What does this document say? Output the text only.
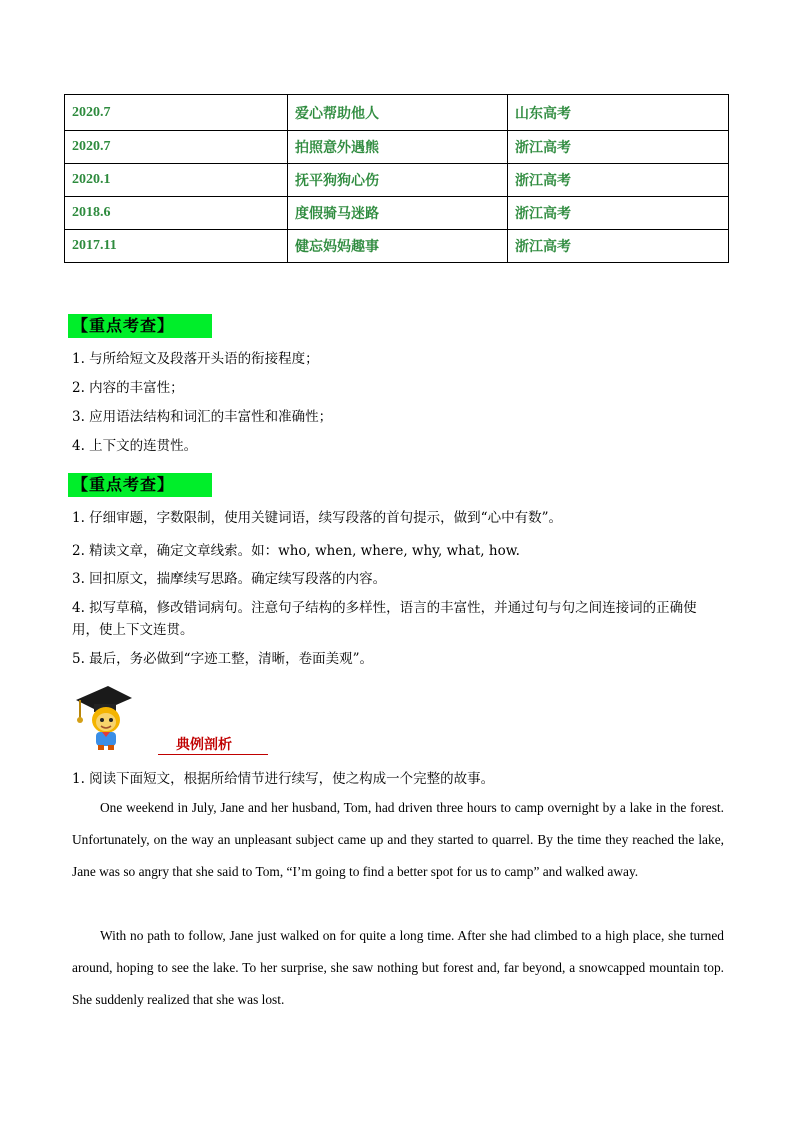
2020.7	爱心帮助他人	山东高考
2020.7	拍照意外遇熊	浙江高考
2020.1	抚平狗狗心伤	浙江高考
2018.6	度假骑马迷路	浙江高考
2017.11	健忘妈妈趣事	浙江高考
【重点考查】
1. 与所给短文及段落开头语的衔接程度；
2. 内容的丰富性；
3. 应用语法结构和词汇的丰富性和准确性；
4. 上下文的连贯性。
【重点考查】
1. 仔细审题，字数限制，使用关键词语，续写段落的首句提示，做到“心中有数”。
2. 精读文章，确定文章线索。如：who, when, where, why, what, how.
3. 回扣原文，揣摩续写思路。确定续写段落的内容。
4. 拟写草稿，修改错词病句。注意句子结构的多样性，语言的丰富性，并通过句与句之间连接词的正确使
用，使上下文连贯。
5. 最后，务必做到“字迹工整，清晰，卷面美观”。
典例剖析
1. 阅读下面短文，根据所给情节进行续写，使之构成一个完整的故事。
One weekend in July, Jane and her husband, Tom, had driven three hours to camp overnight by a lake in the forest. Unfortunately, on the way an unpleasant subject came up and they started to quarrel. By the time they reached the lake, Jane was so angry that she said to Tom, “I’m going to find a better spot for us to camp” and walked away.
With no path to follow, Jane just walked on for quite a long time. After she had climbed to a high place, she turned around, hoping to see the lake. To her surprise, she saw nothing but forest and, far beyond, a snowcapped mountain top. She suddenly realized that she was lost.
